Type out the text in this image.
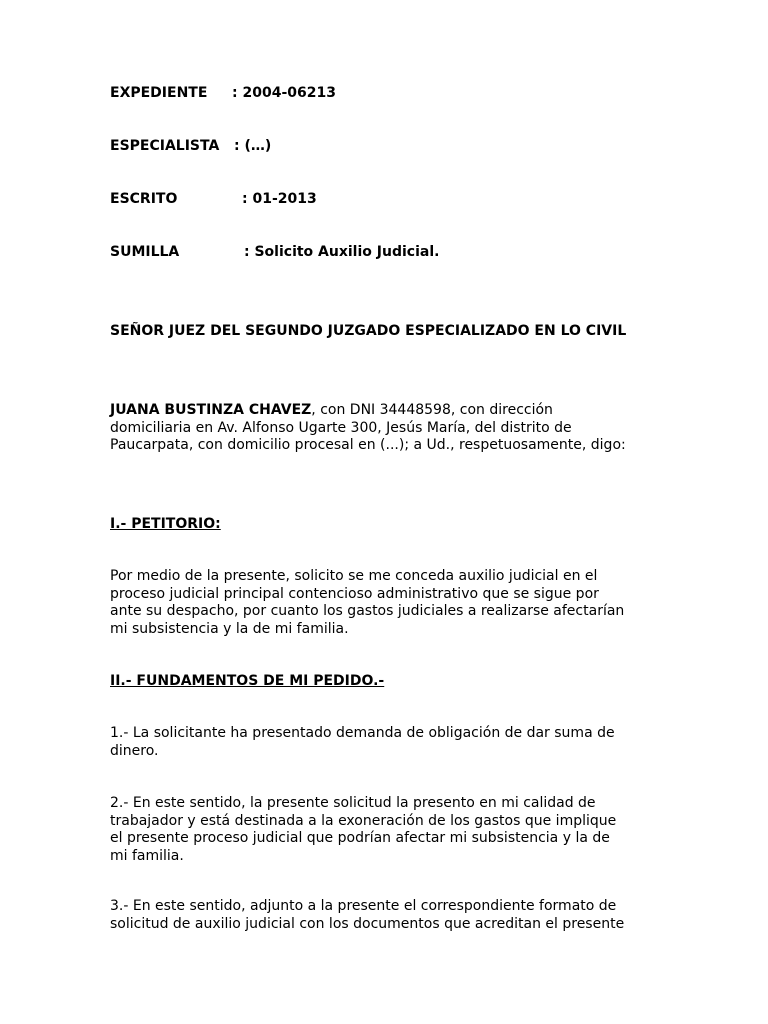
EXPEDIENTE : 2004-06213
ESPECIALISTA : (…)
ESCRITO	: 01-2013
SUMILLA	: Solicito Auxilio Judicial.
SEÑOR JUEZ DEL SEGUNDO JUZGADO ESPECIALIZADO EN LO CIVIL

JUANA BUSTINZA CHAVEZ, con DNI 34448598, con dirección domiciliaria en Av. Alfonso Ugarte 300, Jesús María, del distrito de Paucarpata, con domicilio procesal en (...); a Ud., respetuosamente, digo:

I.- PETITORIO:

Por medio de la presente, solicito se me conceda auxilio judicial en el proceso judicial principal contencioso administrativo que se sigue por ante su despacho, por cuanto los gastos judiciales a realizarse afectarían mi subsistencia y la de mi familia.

II.- FUNDAMENTOS DE MI PEDIDO.-

1.- La solicitante ha presentado demanda de obligación de dar suma de dinero.

2.- En este sentido, la presente solicitud la presento en mi calidad de trabajador y está destinada a la exoneración de los gastos que implique el presente proceso judicial que podrían afectar mi subsistencia y la de mi familia.

3.- En este sentido, adjunto a la presente el correspondiente formato de solicitud de auxilio judicial con los documentos que acreditan el presente
